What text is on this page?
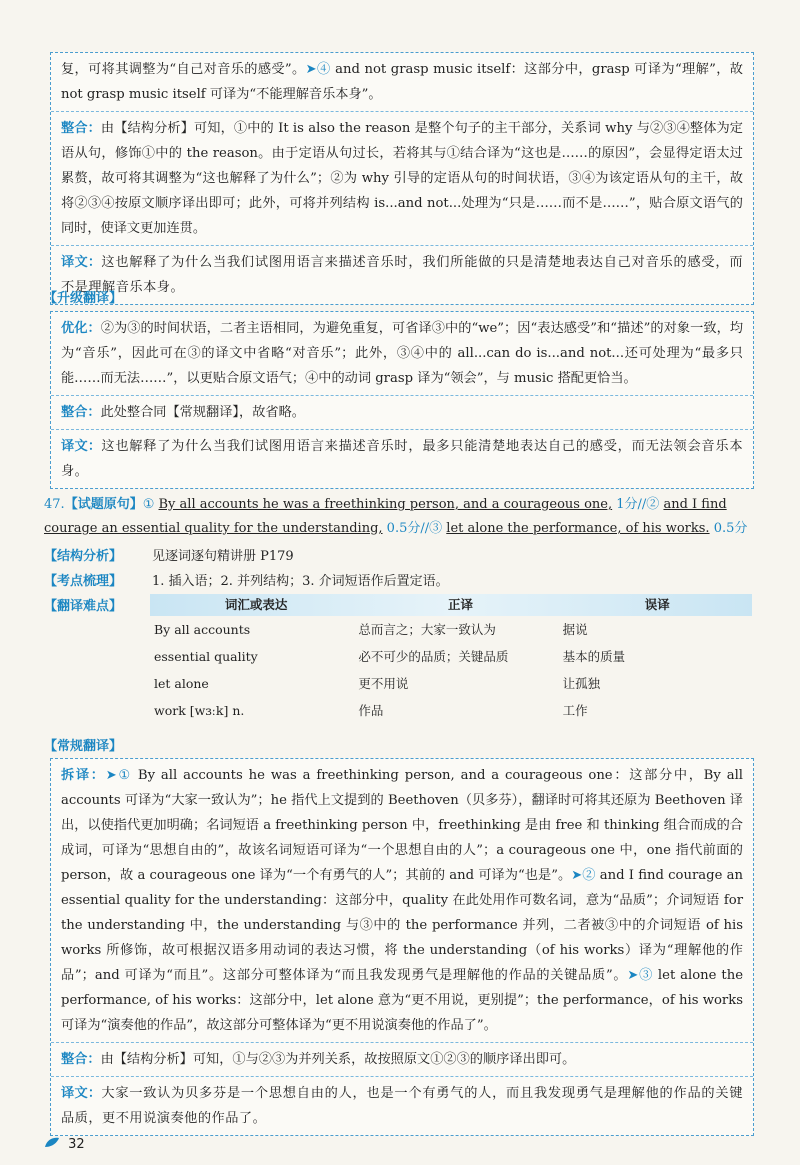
复，可将其调整为“自己对音乐的感受”。➤④ and not grasp music itself：这部分中，grasp 可译为“理解”，故 not grasp music itself 可译为“不能理解音乐本身”。
整合：由【结构分析】可知，①中的 It is also the reason 是整个句子的主干部分，关系词 why 与②③④整体为定语从句，修饰①中的 the reason。由于定语从句过长，若将其与①结合译为“这也是……的原因”，会显得定语太过累赘，故可将其调整为“这也解释了为什么”；②为 why 引导的定语从句的时间状语，③④为该定语从句的主干，故将②③④按原文顺序译出即可；此外，可将并列结构 is...and not...处理为“只是……而不是……”，贴合原文语气的同时，使译文更加连贯。
译文：这也解释了为什么当我们试图用语言来描述音乐时，我们所能做的只是清楚地表达自己对音乐的感受，而不是理解音乐本身。
【升级翻译】
优化：②为③的时间状语，二者主语相同，为避免重复，可省译③中的“we”；因“表达感受”和“描述”的对象一致，均为“音乐”，因此可在③的译文中省略“对音乐”；此外，③④中的 all...can do is...and not...还可处理为“最多只能……而无法……”，以更贴合原文语气；④中的动词 grasp 译为“领会”，与 music 搭配更恰当。
整合：此处整合同【常规翻译】，故省略。
译文：这也解释了为什么当我们试图用语言来描述音乐时，最多只能清楚地表达自己的感受，而无法领会音乐本身。
47.【试题原句】① By all accounts he was a freethinking person, and a courageous one, 1分//② and I find courage an essential quality for the understanding, 0.5分//③ let alone the performance, of his works. 0.5分
【结构分析】 见逐词逐句精讲册 P179
【考点梳理】 1. 插入语；2. 并列结构；3. 介词短语作后置定语。
【翻译难点】	词汇或表达	正译	误译
By all accounts	总而言之；大家一致认为	据说
essential quality	必不可少的品质；关键品质	基本的质量
let alone	更不用说	让孤独
work [wɜːk] n.	作品	工作
【常规翻译】
拆译：➤① By all accounts he was a freethinking person, and a courageous one：这部分中，By all accounts 可译为“大家一致认为”；he 指代上文提到的 Beethoven（贝多芬），翻译时可将其还原为 Beethoven 译出，以使指代更加明确；名词短语 a freethinking person 中，freethinking 是由 free 和 thinking 组合而成的合成词，可译为“思想自由的”，故该名词短语可译为“一个思想自由的人”；a courageous one 中，one 指代前面的 person，故 a courageous one 译为“一个有勇气的人”；其前的 and 可译为“也是”。➤② and I find courage an essential quality for the understanding：这部分中，quality 在此处用作可数名词，意为“品质”；介词短语 for the understanding 中，the understanding 与③中的 the performance 并列，二者被③中的介词短语 of his works 所修饰，故可根据汉语多用动词的表达习惯，将 the understanding（of his works）译为“理解他的作品”；and 可译为“而且”。这部分可整体译为“而且我发现勇气是理解他的作品的关键品质”。➤③ let alone the performance, of his works：这部分中，let alone 意为“更不用说，更别提”；the performance，of his works 可译为“演奏他的作品”，故这部分可整体译为“更不用说演奏他的作品了”。
整合：由【结构分析】可知，①与②③为并列关系，故按照原文①②③的顺序译出即可。
译文：大家一致认为贝多芬是一个思想自由的人，也是一个有勇气的人，而且我发现勇气是理解他的作品的关键品质，更不用说演奏他的作品了。
32
